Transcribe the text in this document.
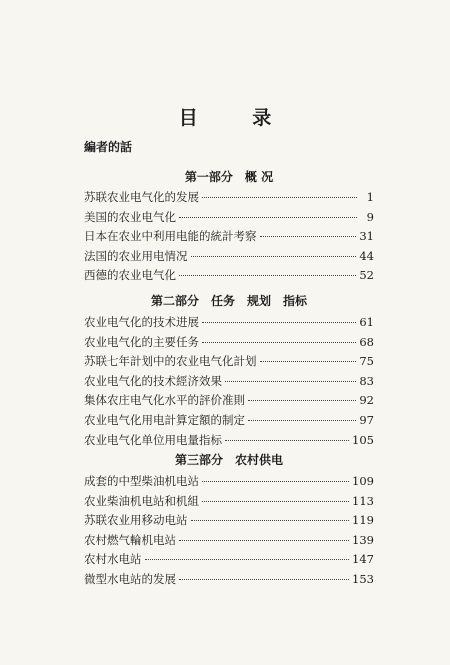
目 录
編者的話
第一部分　概 况
苏联农业电气化的发展	1
美国的农业电气化	9
日本在农业中利用电能的統計考察	31
法国的农业用电情况	44
西德的农业电气化	52
第二部分　任务　规划　指标
农业电气化的技术进展	61
农业电气化的主要任务	68
苏联七年計划中的农业电气化計划	75
农业电气化的技术經济效果	83
集体农庄电气化水平的評价准則	92
农业电气化用电計算定額的制定	97
农业电气化单位用电量指标	105
第三部分　农村供电
成套的中型柴油机电站	109
农业柴油机电站和机組	113
苏联农业用移动电站	119
农村燃气輪机电站	139
农村水电站	147
微型水电站的发展	153
